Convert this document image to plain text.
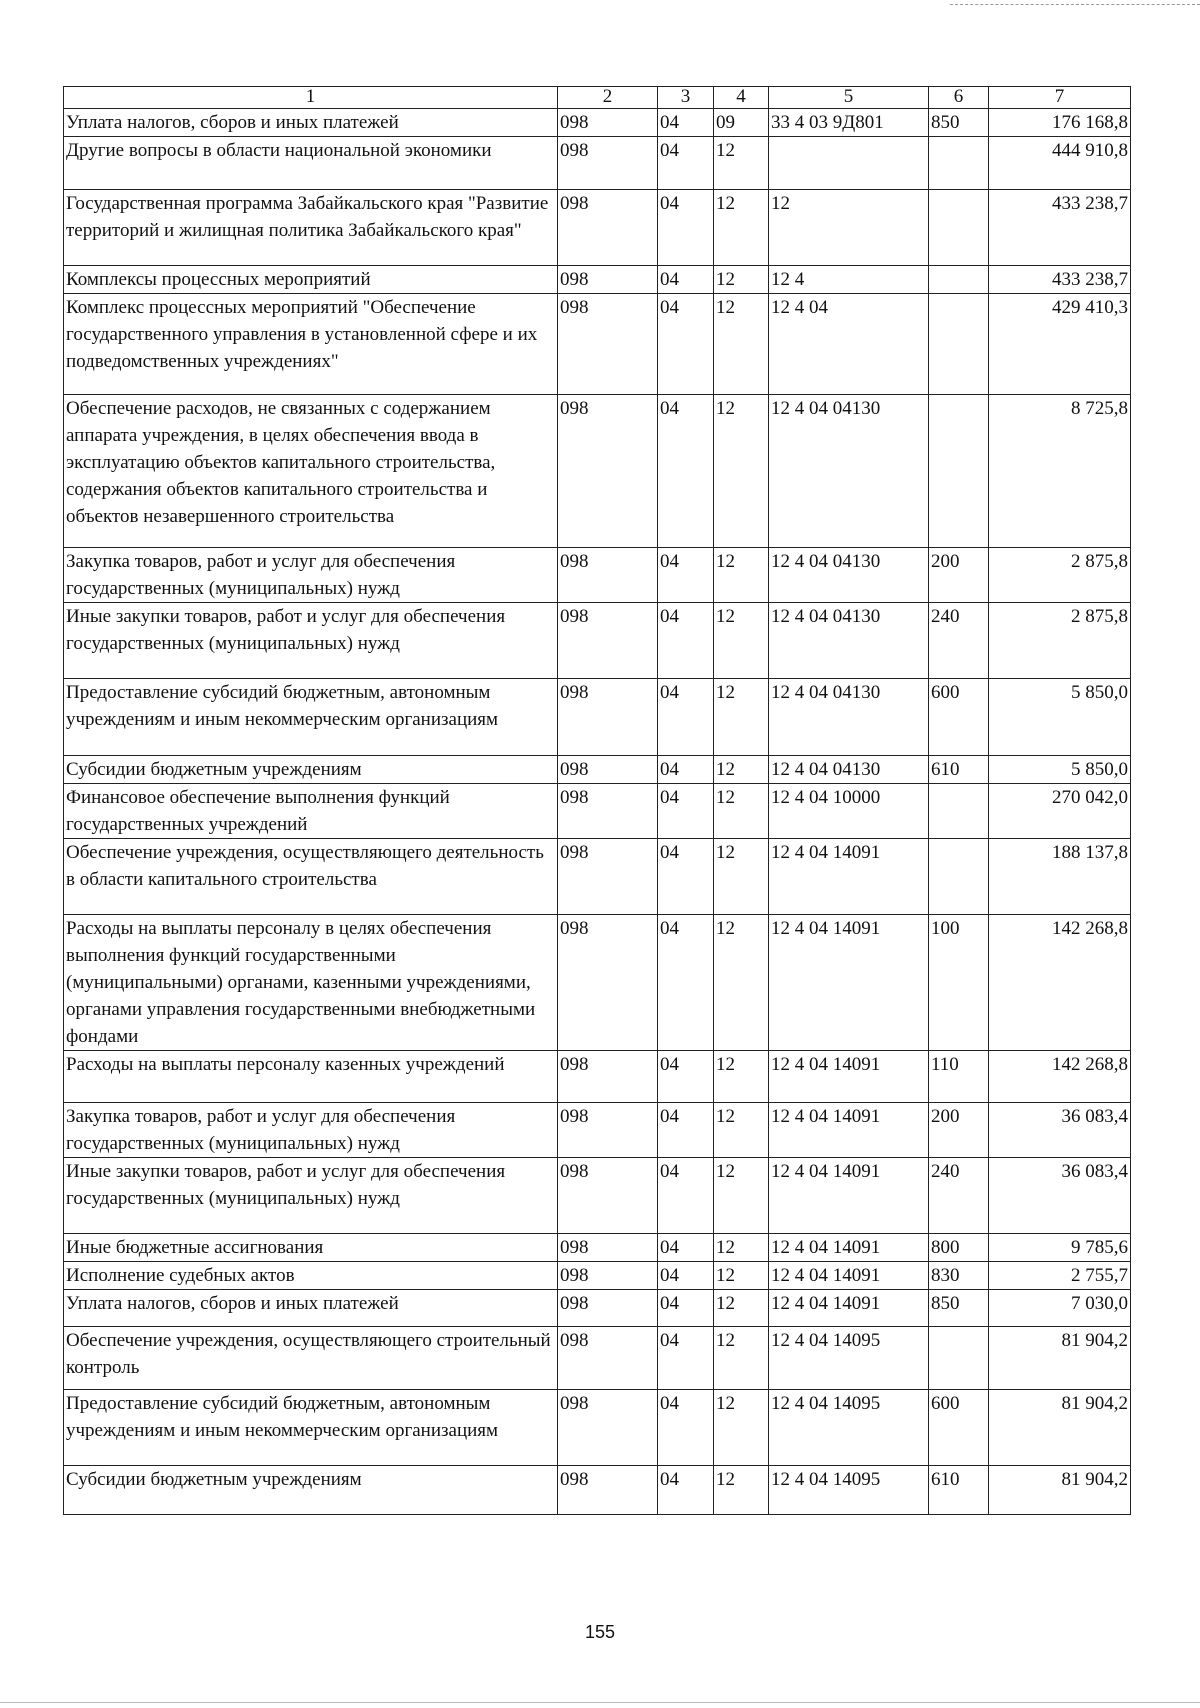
1	2	3	4	5	6	7
Уплата налогов, сборов и иных платежей	098	04	09	33 4 03 9Д801	850	176 168,8
Другие вопросы в области национальной экономики	098	04	12			444 910,8
Государственная программа Забайкальского края "Развитие территорий и жилищная политика Забайкальского края"	098	04	12	12		433 238,7
Комплексы процессных мероприятий	098	04	12	12 4		433 238,7
Комплекс процессных мероприятий "Обеспечение государственного управления в установленной сфере и их подведомственных учреждениях"	098	04	12	12 4 04		429 410,3
Обеспечение расходов, не связанных с содержанием аппарата учреждения, в целях обеспечения ввода в эксплуатацию объектов капитального строительства, содержания объектов капитального строительства и объектов незавершенного строительства	098	04	12	12 4 04 04130		8 725,8
Закупка товаров, работ и услуг для обеспечения государственных (муниципальных) нужд	098	04	12	12 4 04 04130	200	2 875,8
Иные закупки товаров, работ и услуг для обеспечения государственных (муниципальных) нужд	098	04	12	12 4 04 04130	240	2 875,8
Предоставление субсидий бюджетным, автономным учреждениям и иным некоммерческим организациям	098	04	12	12 4 04 04130	600	5 850,0
Субсидии бюджетным учреждениям	098	04	12	12 4 04 04130	610	5 850,0
Финансовое обеспечение выполнения функций государственных учреждений	098	04	12	12 4 04 10000		270 042,0
Обеспечение учреждения, осуществляющего деятельность в области капитального строительства	098	04	12	12 4 04 14091		188 137,8
Расходы на выплаты персоналу в целях обеспечения выполнения функций государственными (муниципальными) органами, казенными учреждениями, органами управления государственными внебюджетными фондами	098	04	12	12 4 04 14091	100	142 268,8
Расходы на выплаты персоналу казенных учреждений	098	04	12	12 4 04 14091	110	142 268,8
Закупка товаров, работ и услуг для обеспечения государственных (муниципальных) нужд	098	04	12	12 4 04 14091	200	36 083,4
Иные закупки товаров, работ и услуг для обеспечения государственных (муниципальных) нужд	098	04	12	12 4 04 14091	240	36 083,4
Иные бюджетные ассигнования	098	04	12	12 4 04 14091	800	9 785,6
Исполнение судебных актов	098	04	12	12 4 04 14091	830	2 755,7
Уплата налогов, сборов и иных платежей	098	04	12	12 4 04 14091	850	7 030,0
Обеспечение учреждения, осуществляющего строительный контроль	098	04	12	12 4 04 14095		81 904,2
Предоставление субсидий бюджетным, автономным учреждениям и иным некоммерческим организациям	098	04	12	12 4 04 14095	600	81 904,2
Субсидии бюджетным учреждениям	098	04	12	12 4 04 14095	610	81 904,2
155
